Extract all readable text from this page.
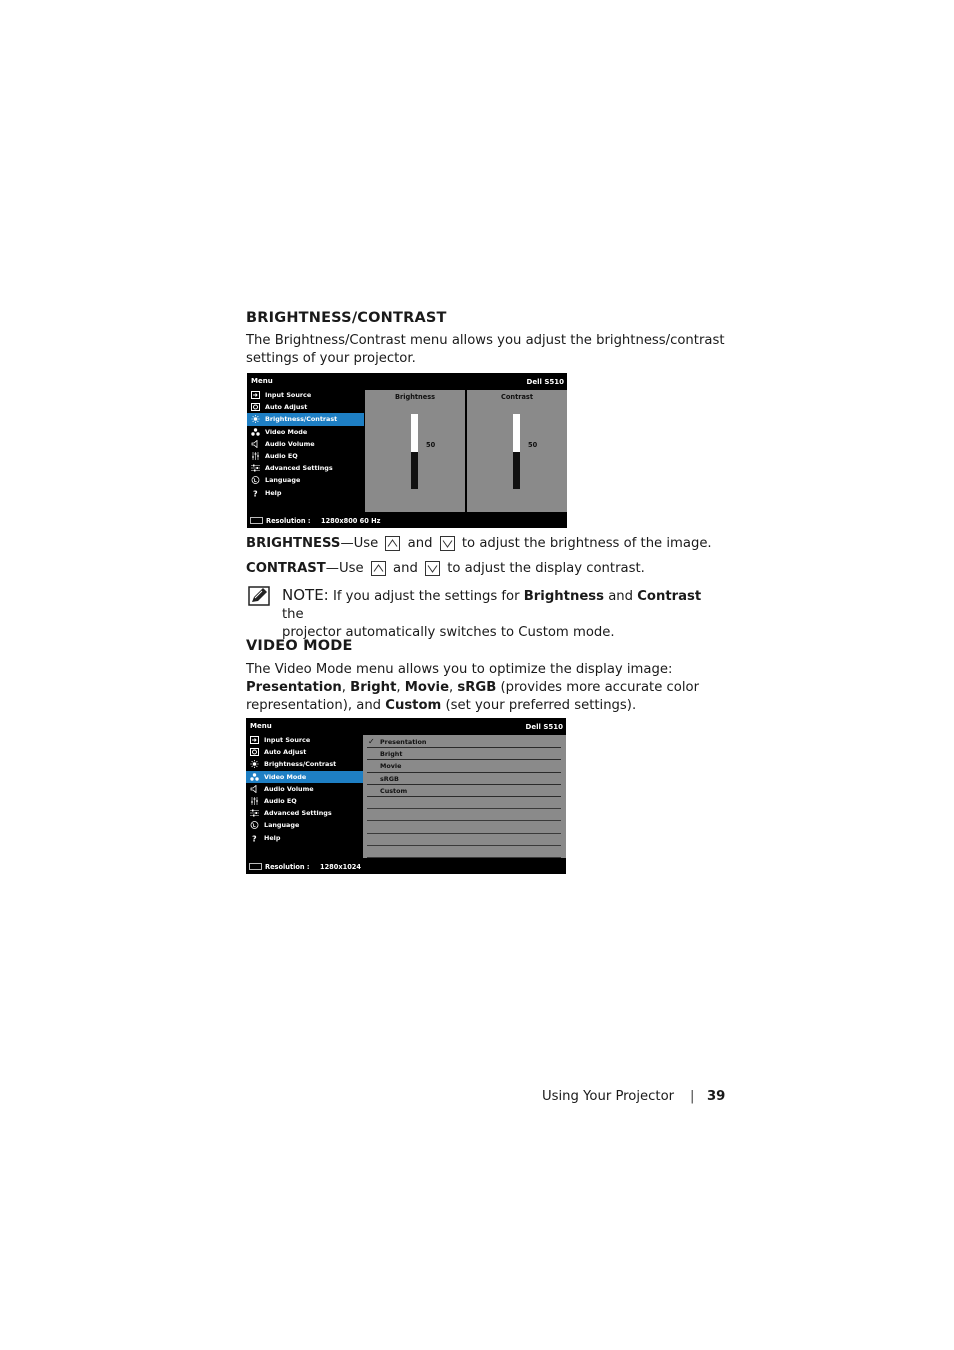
BRIGHTNESS/CONTRAST
The Brightness/Contrast menu allows you adjust the brightness/contrast
settings of your projector.
Menu	Dell S510
Input Source
Auto Adjust
Brightness/Contrast
Video Mode
Audio Volume
Audio EQ
Advanced Settings
Language
? Help
Brightness
50
Contrast
50
Resolution : 1280x800 60 Hz
BRIGHTNESS—Use and to adjust the brightness of the image.
CONTRAST—Use and to adjust the display contrast.
NOTE: If you adjust the settings for Brightness and Contrast the
projector automatically switches to Custom mode.
VIDEO MODE
The Video Mode menu allows you to optimize the display image:
Presentation, Bright, Movie, sRGB (provides more accurate color
representation), and Custom (set your preferred settings).
Menu	Dell S510
Input Source
Auto Adjust
Brightness/Contrast
Video Mode
Audio Volume
Audio EQ
Advanced Settings
Language
? Help
✓ Presentation
Bright
Movie
sRGB
Custom
Resolution : 1280x1024
Using Your Projector | 39
